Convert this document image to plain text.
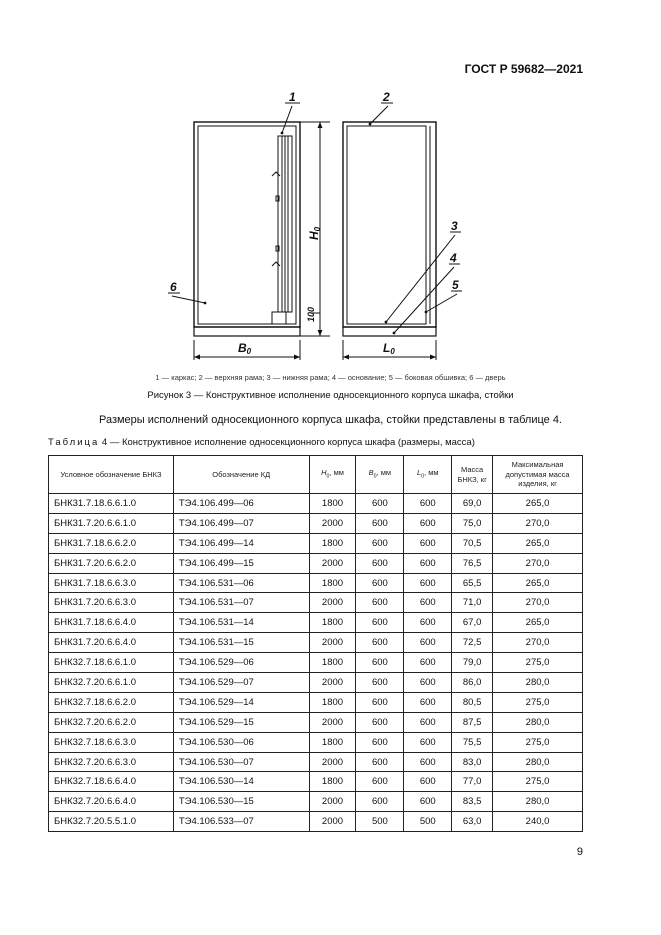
ГОСТ Р 59682—2021
1	2
3
4
5
6
B0	L0
H0
100
1 — каркас; 2 — верхняя рама; 3 — нижняя рама; 4 — основание; 5 — боковая обшивка; 6 — дверь
Рисунок 3 — Конструктивное исполнение односекционного корпуса шкафа, стойки
Размеры исполнений односекционного корпуса шкафа, стойки представлены в таблице 4.
Таблица 4 — Конструктивное исполнение односекционного корпуса шкафа (размеры, масса)
Условное обозначение БНКЗ	Обозначение КД	$H_0$, мм	$B_0$, мм	$L_0$, мм	Масса БНКЗ, кг	Максимальная допустимая масса изделия, кг
БНК31.7.18.6.6.1.0	ТЭ4.106.499—06	1800	600	600	69,0	265,0
БНК31.7.20.6.6.1.0	ТЭ4.106.499—07	2000	600	600	75,0	270,0
БНК31.7.18.6.6.2.0	ТЭ4.106.499—14	1800	600	600	70,5	265,0
БНК31.7.20.6.6.2.0	ТЭ4.106.499—15	2000	600	600	76,5	270,0
БНК31.7.18.6.6.3.0	ТЭ4.106.531—06	1800	600	600	65,5	265,0
БНК31.7.20.6.6.3.0	ТЭ4.106.531—07	2000	600	600	71,0	270,0
БНК31.7.18.6.6.4.0	ТЭ4.106.531—14	1800	600	600	67,0	265,0
БНК31.7.20.6.6.4.0	ТЭ4.106.531—15	2000	600	600	72,5	270,0
БНК32.7.18.6.6.1.0	ТЭ4.106.529—06	1800	600	600	79,0	275,0
БНК32.7.20.6.6.1.0	ТЭ4.106.529—07	2000	600	600	86,0	280,0
БНК32.7.18.6.6.2.0	ТЭ4.106.529—14	1800	600	600	80,5	275,0
БНК32.7.20.6.6.2.0	ТЭ4.106.529—15	2000	600	600	87,5	280,0
БНК32.7.18.6.6.3.0	ТЭ4.106.530—06	1800	600	600	75,5	275,0
БНК32.7.20.6.6.3.0	ТЭ4.106.530—07	2000	600	600	83,0	280,0
БНК32.7.18.6.6.4.0	ТЭ4.106.530—14	1800	600	600	77,0	275,0
БНК32.7.20.6.6.4.0	ТЭ4.106.530—15	2000	600	600	83,5	280,0
БНК32.7.20.5.5.1.0	ТЭ4.106.533—07	2000	500	500	63,0	240,0
9
